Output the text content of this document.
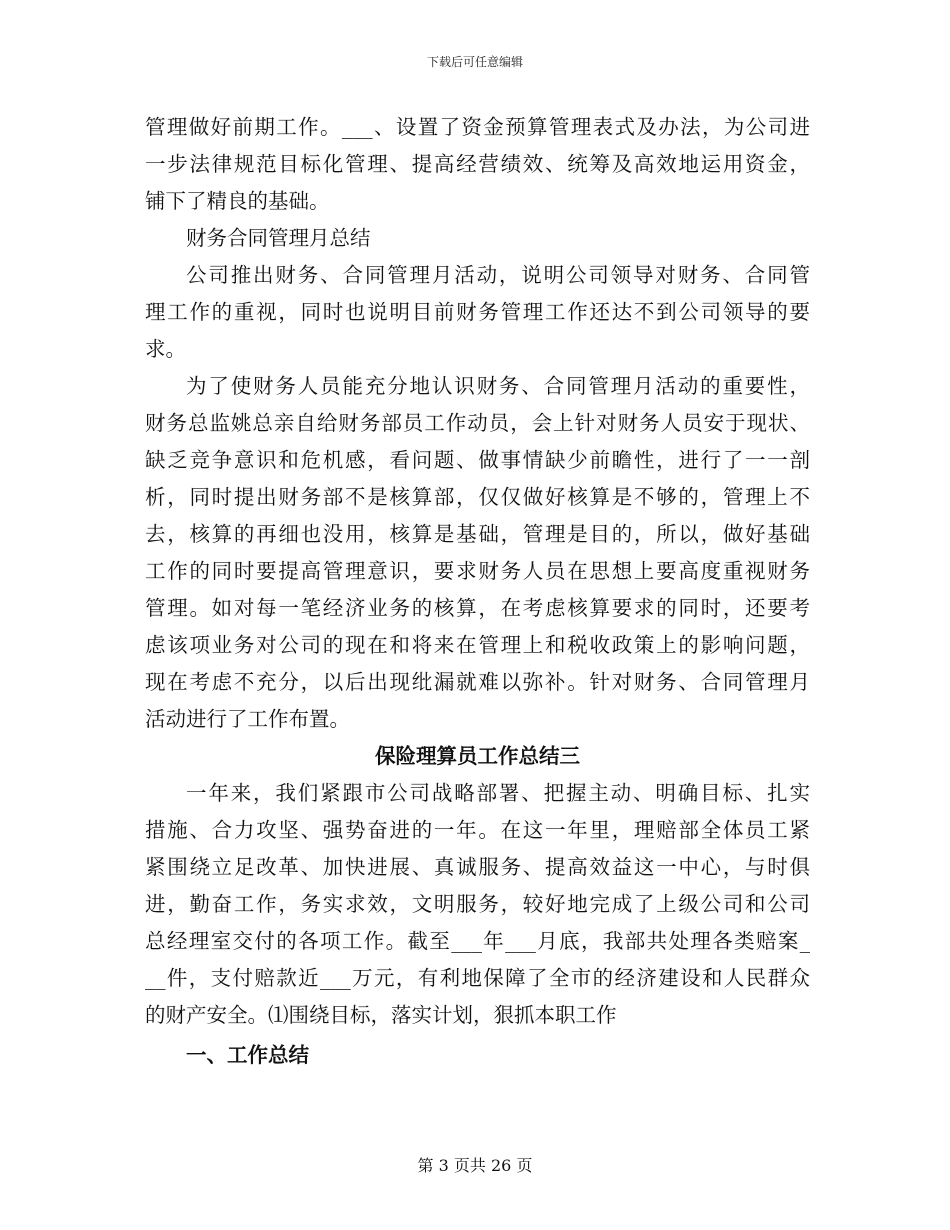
下载后可任意编辑
管理做好前期工作。___、设置了资金预算管理表式及办法，为公司进
一步法律规范目标化管理、提高经营绩效、统筹及高效地运用资金，
铺下了精良的基础。
财务合同管理月总结
公司推出财务、合同管理月活动，说明公司领导对财务、合同管
理工作的重视，同时也说明目前财务管理工作还达不到公司领导的要
求。
为了使财务人员能充分地认识财务、合同管理月活动的重要性，
财务总监姚总亲自给财务部员工作动员，会上针对财务人员安于现状、
缺乏竞争意识和危机感，看问题、做事情缺少前瞻性，进行了一一剖
析，同时提出财务部不是核算部，仅仅做好核算是不够的，管理上不
去，核算的再细也没用，核算是基础，管理是目的，所以，做好基础
工作的同时要提高管理意识，要求财务人员在思想上要高度重视财务
管理。如对每一笔经济业务的核算，在考虑核算要求的同时，还要考
虑该项业务对公司的现在和将来在管理上和税收政策上的影响问题，
现在考虑不充分，以后出现纰漏就难以弥补。针对财务、合同管理月
活动进行了工作布置。
保险理算员工作总结三
一年来，我们紧跟市公司战略部署、把握主动、明确目标、扎实
措施、合力攻坚、强势奋进的一年。在这一年里，理赔部全体员工紧
紧围绕立足改革、加快进展、真诚服务、提高效益这一中心，与时俱
进，勤奋工作，务实求效，文明服务，较好地完成了上级公司和公司
总经理室交付的各项工作。截至___年___月底，我部共处理各类赔案_
__件，支付赔款近___万元，有利地保障了全市的经济建设和人民群众
的财产安全。⑴围绕目标，落实计划，狠抓本职工作
一、工作总结
第 3 页共 26 页
